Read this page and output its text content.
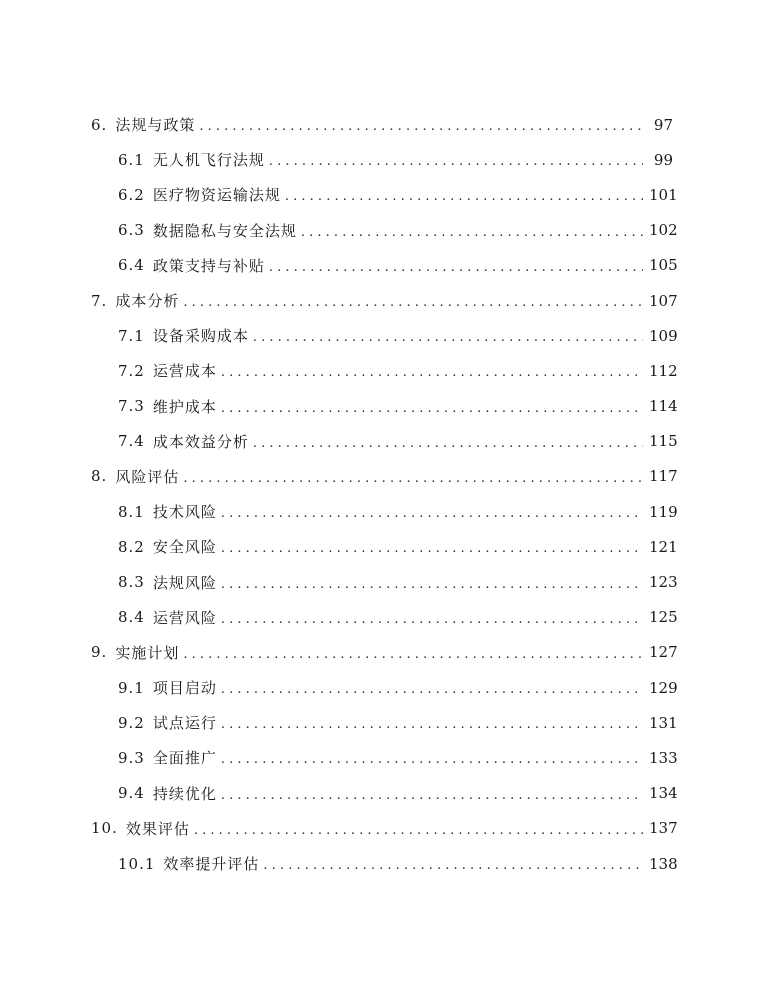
6. 法规与政策 . . .	97
6.1 无人机飞行法规 . . .	99
6.2 医疗物资运输法规 . . .	101
6.3 数据隐私与安全法规 . . .	102
6.4 政策支持与补贴 . . .	105
7. 成本分析 . . .	107
7.1 设备采购成本 . . .	109
7.2 运营成本 . . .	112
7.3 维护成本 . . .	114
7.4 成本效益分析 . . .	115
8. 风险评估 . . .	117
8.1 技术风险 . . .	119
8.2 安全风险 . . .	121
8.3 法规风险 . . .	123
8.4 运营风险 . . .	125
9. 实施计划 . . .	127
9.1 项目启动 . . .	129
9.2 试点运行 . . .	131
9.3 全面推广 . . .	133
9.4 持续优化 . . .	134
10. 效果评估 . . .	137
10.1 效率提升评估 . . .	138
